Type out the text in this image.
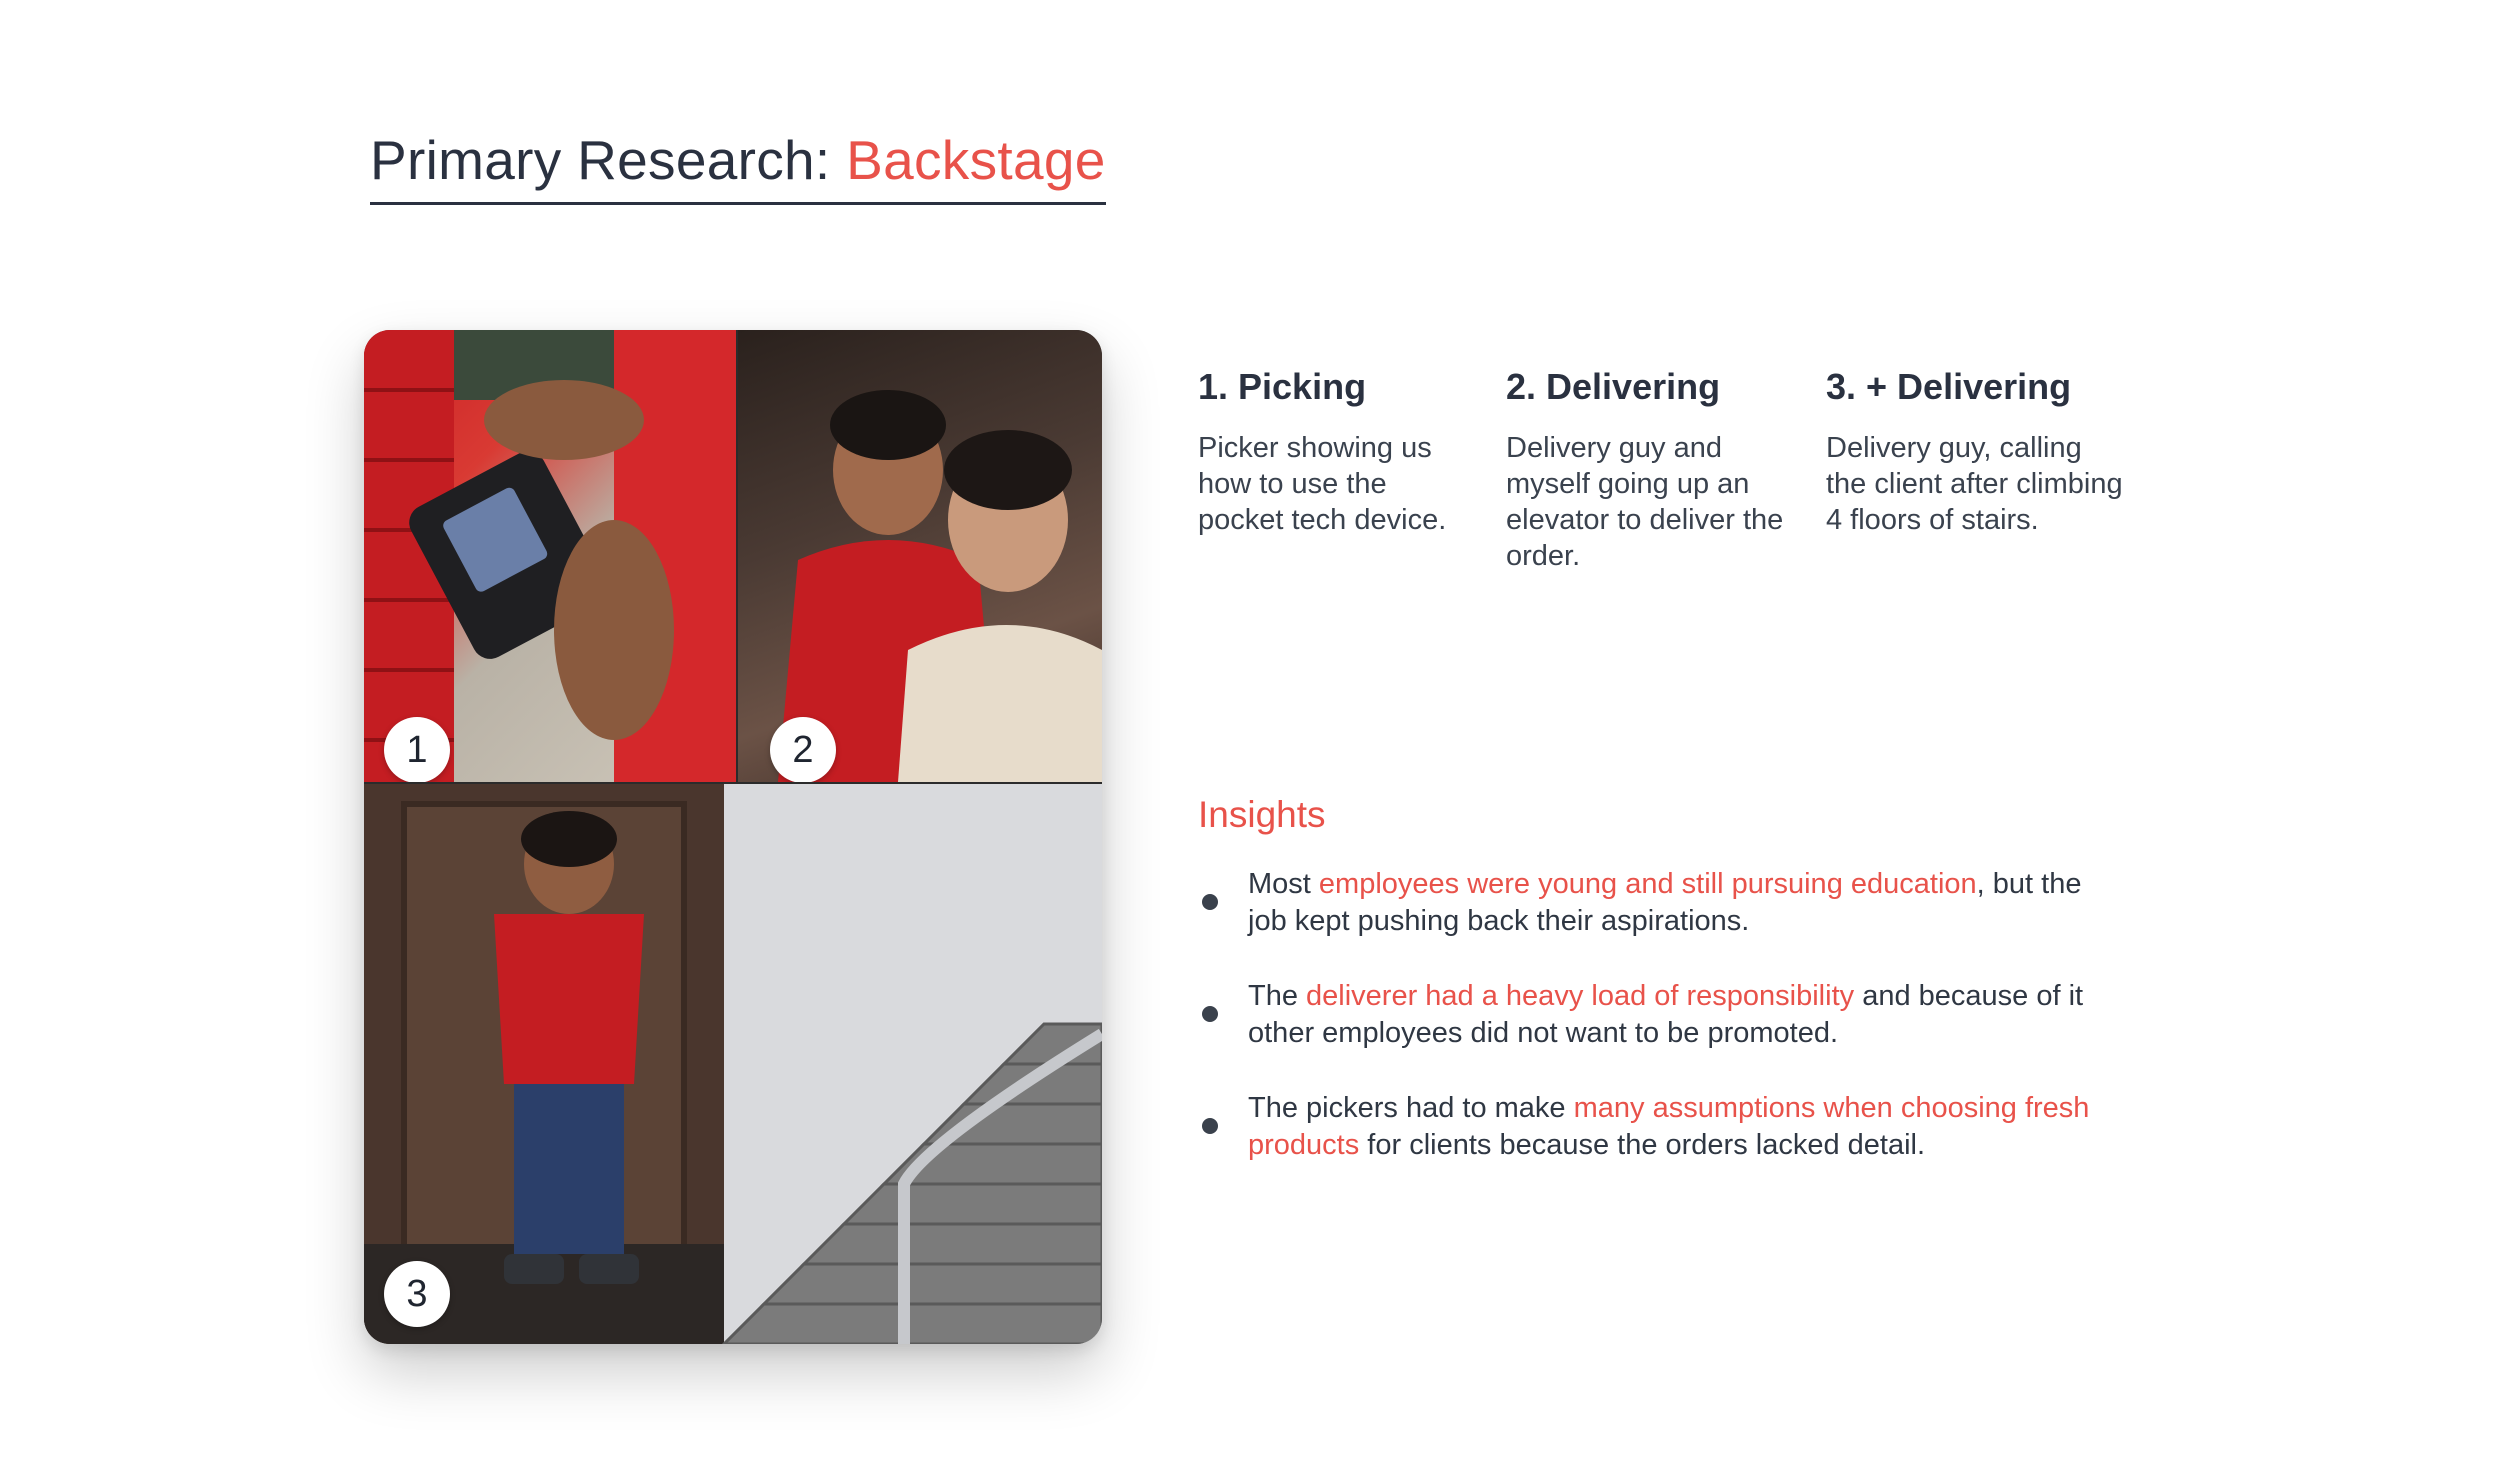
Primary Research: Backstage
1	2
3
1. Picking
Picker showing us how to use the pocket tech device.
2. Delivering
Delivery guy and myself going up an elevator to deliver the order.
3. + Delivering
Delivery guy, calling the client after climbing 4 floors of stairs.
Insights
Most employees were young and still pursuing education, but the job kept pushing back their aspirations.
The deliverer had a heavy load of responsibility and because of it other employees did not want to be promoted.
The pickers had to make many assumptions when choosing fresh products for clients because the orders lacked detail.
